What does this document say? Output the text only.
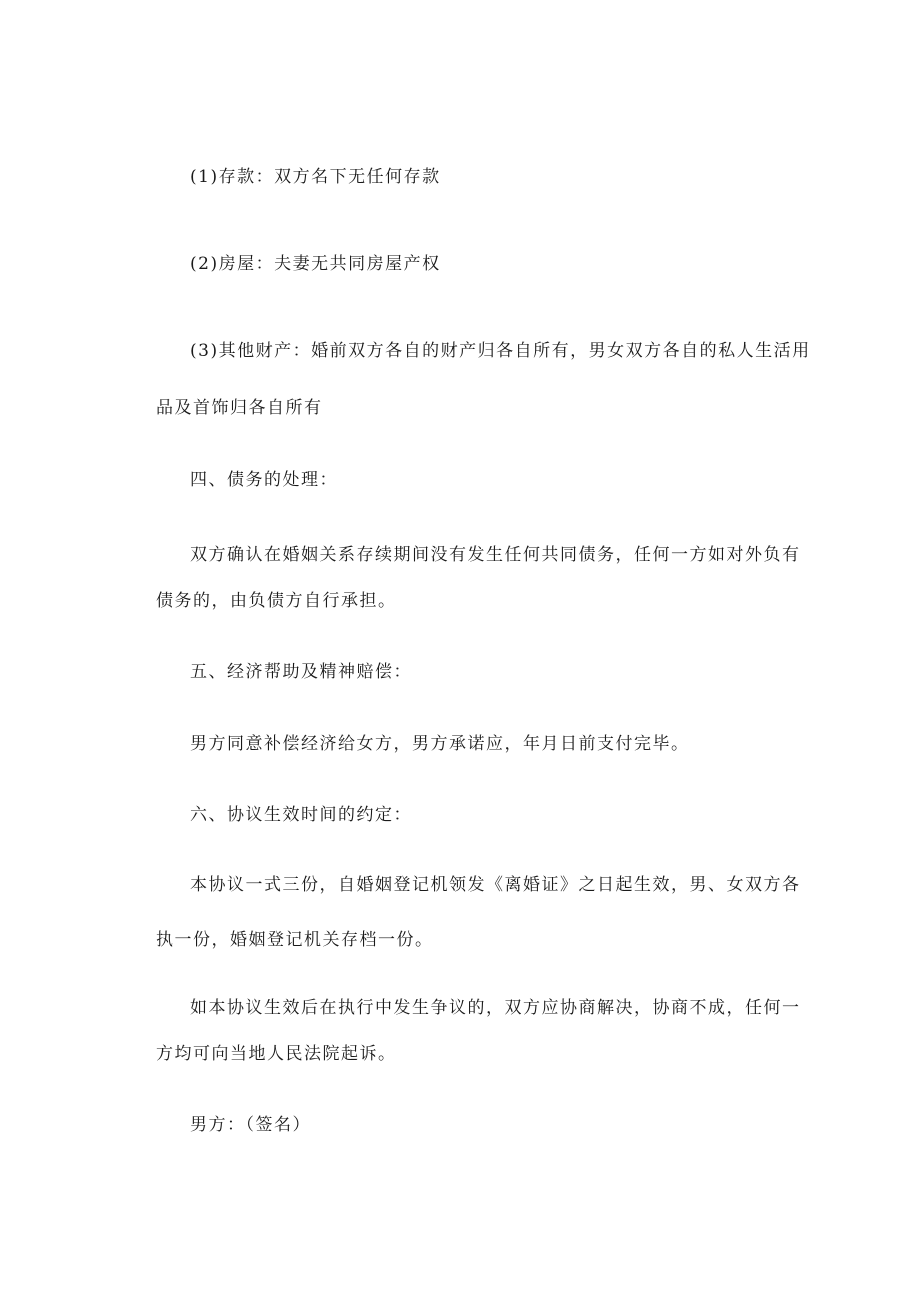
(1)存款：双方名下无任何存款
(2)房屋：夫妻无共同房屋产权
(3)其他财产：婚前双方各自的财产归各自所有，男女双方各自的私人生活用
品及首饰归各自所有
四、债务的处理：
双方确认在婚姻关系存续期间没有发生任何共同债务，任何一方如对外负有
债务的，由负债方自行承担。
五、经济帮助及精神赔偿：
男方同意补偿经济给女方，男方承诺应，年月日前支付完毕。
六、协议生效时间的约定：
本协议一式三份，自婚姻登记机领发《离婚证》之日起生效，男、女双方各
执一份，婚姻登记机关存档一份。
如本协议生效后在执行中发生争议的，双方应协商解决，协商不成，任何一
方均可向当地人民法院起诉。
男方：（签名）
